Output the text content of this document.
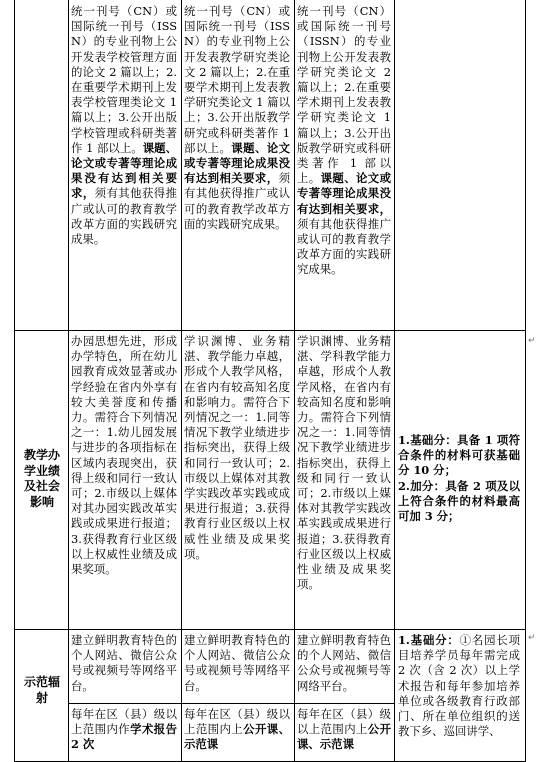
统一刊号（CN）或国际统一刊号（ISSN）的专业刊物上公开发表学校管理方面的论文 2 篇以上；2.在重要学术期刊上发表学校管理类论文 1 篇以上；3.公开出版学校管理或科研类著作 1 部以上。课题、论文或专著等理论成果没有达到相关要求，须有其他获得推广或认可的教育教学改革方面的实践研究成果。
统一刊号（CN）或国际统一刊号（ISSN）的专业刊物上公开发表教学研究类论文 2 篇以上；2.在重要学术期刊上发表教学研究类论文 1 篇以上；3.公开出版教学研究或科研类著作 1 部以上。课题、论文或专著等理论成果没有达到相关要求，须有其他获得推广或认可的教育教学改革方面的实践研究成果。
统一刊号（CN）或国际统一刊号（ISSN）的专业刊物上公开发表教学研究类论文 2 篇以上；2.在重要学术期刊上发表教学研究类论文 1 篇以上；3.公开出版教学研究或科研类著作 1 部以上。课题、论文或专著等理论成果没有达到相关要求，须有其他获得推广或认可的教育教学改革方面的实践研究成果。
教学办学业绩及社会影响
办园思想先进，形成办学特色，所在幼儿园教育成效显著或办学经验在省内外享有较大美誉度和传播力。需符合下列情况之一：1.幼儿园发展与进步的各项指标在区域内表现突出，获得上级和同行一致认可；2.市级以上媒体对其办园实践改革实践或成果进行报道；3.获得教育行业区级以上权威性业绩及成果奖项。
学识渊博、业务精湛、教学能力卓越，形成个人教学风格，在省内有较高知名度和影响力。需符合下列情况之一：1.同等情况下教学业绩进步指标突出，获得上级和同行一致认可；2.市级以上媒体对其教学实践改革实践或成果进行报道；3.获得教育行业区级以上权威性业绩及成果奖项。
学识渊博、业务精湛、学科教学能力卓越，形成个人教学风格，在省内有较高知名度和影响力。需符合下列情况之一：1.同等情况下教学业绩进步指标突出，获得上级和同行一致认可；2.市级以上媒体对其教学实践改革实践或成果进行报道；3.获得教育行业区级以上权威性业绩及成果奖项。
1.基础分：具备 1 项符合条件的材料可获基础分 10 分；
2.加分：具备 2 项及以上符合条件的材料最高可加 3 分；
示范辐射
建立鲜明教育特色的个人网站、微信公众号或视频号等网络平台。
建立鲜明教育特色的个人网站、微信公众号或视频号等网络平台。
建立鲜明教育特色的个人网站、微信公众号或视频号等网络平台。
每年在区（县）级以上范围内作学术报告 2 次
每年在区（县）级以上范围内上公开课、示范课
每年在区（县）级以上范围内上公开课、示范课
1.基础分：①名园长项目培养学员每年需完成 2 次（含 2 次）以上学术报告和每年参加培养单位或各级教育行政部门、所在单位组织的送教下乡、巡回讲学、
↵
↵
